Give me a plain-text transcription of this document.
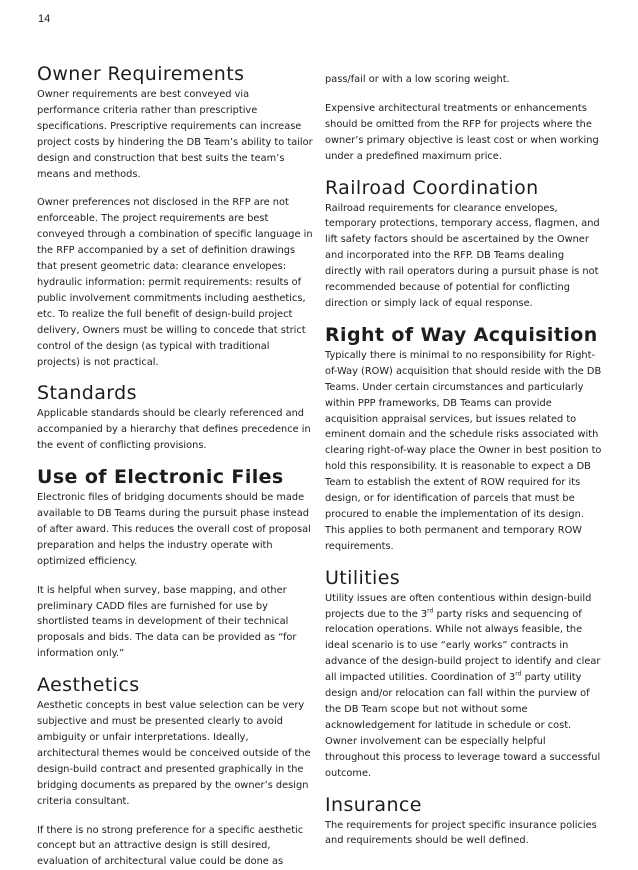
14
Owner Requirements

Owner requirements are best conveyed via performance criteria rather than prescriptive specifications. Prescriptive requirements can increase project costs by hindering the DB Team’s ability to tailor design and construction that best suits the team’s means and methods.

Owner preferences not disclosed in the RFP are not enforceable. The project requirements are best conveyed through a combination of specific language in the RFP accompanied by a set of definition drawings that present geometric data: clearance envelopes: hydraulic information: permit requirements: results of public involvement commitments including aesthetics, etc. To realize the full benefit of design-build project delivery, Owners must be willing to concede that strict control of the design (as typical with traditional projects) is not practical.

Standards

Applicable standards should be clearly referenced and accompanied by a hierarchy that defines precedence in the event of conflicting provisions.

Use of Electronic Files

Electronic files of bridging documents should be made available to DB Teams during the pursuit phase instead of after award. This reduces the overall cost of proposal preparation and helps the industry operate with optimized efficiency.

It is helpful when survey, base mapping, and other preliminary CADD files are furnished for use by shortlisted teams in development of their technical proposals and bids. The data can be provided as “for information only.”

Aesthetics

Aesthetic concepts in best value selection can be very subjective and must be presented clearly to avoid ambiguity or unfair interpretations. Ideally, architectural themes would be conceived outside of the design-build contract and presented graphically in the bridging documents as prepared by the owner’s design criteria consultant.

If there is no strong preference for a specific aesthetic concept but an attractive design is still desired, evaluation of architectural value could be done as

pass/fail or with a low scoring weight.

Expensive architectural treatments or enhancements should be omitted from the RFP for projects where the owner’s primary objective is least cost or when working under a predefined maximum price.

Railroad Coordination

Railroad requirements for clearance envelopes, temporary protections, temporary access, flagmen, and lift safety factors should be ascertained by the Owner and incorporated into the RFP. DB Teams dealing directly with rail operators during a pursuit phase is not recommended because of potential for conflicting direction or simply lack of equal response.

Right of Way Acquisition

Typically there is minimal to no responsibility for Right-of-Way (ROW) acquisition that should reside with the DB Teams. Under certain circumstances and particularly within PPP frameworks, DB Teams can provide acquisition appraisal services, but issues related to eminent domain and the schedule risks associated with clearing right-of-way place the Owner in best position to hold this responsibility. It is reasonable to expect a DB Team to establish the extent of ROW required for its design, or for identification of parcels that must be procured to enable the implementation of its design. This applies to both permanent and temporary ROW requirements.

Utilities

Utility issues are often contentious within design-build projects due to the 3rd party risks and sequencing of relocation operations. While not always feasible, the ideal scenario is to use “early works” contracts in advance of the design-build project to identify and clear all impacted utilities. Coordination of 3rd party utility design and/or relocation can fall within the purview of the DB Team scope but not without some acknowledgement for latitude in schedule or cost. Owner involvement can be especially helpful throughout this process to leverage toward a successful outcome.

Insurance

The requirements for project specific insurance policies and requirements should be well defined.
